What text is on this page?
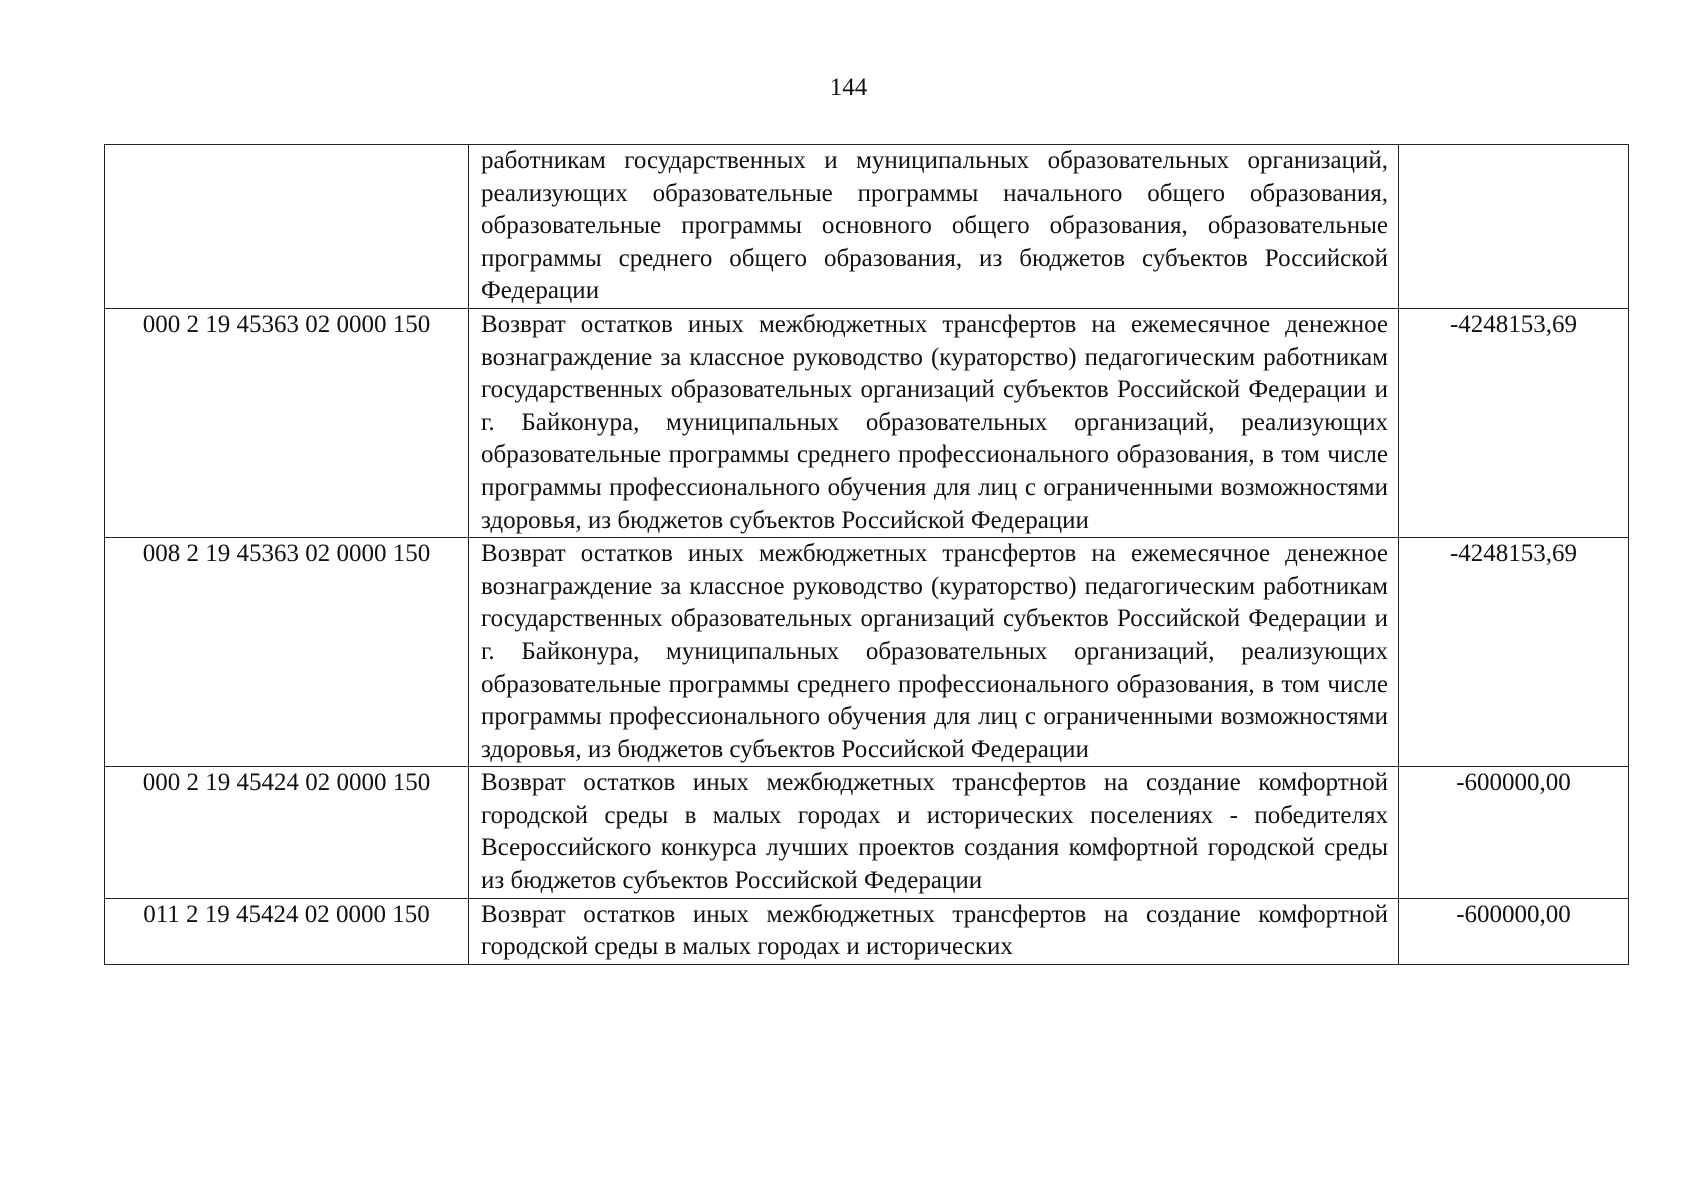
144
	работникам государственных и муниципальных образовательных организаций, реализующих образовательные программы начального общего образования, образовательные программы основного общего образования, образовательные программы среднего общего образования, из бюджетов субъектов Российской Федерации	
000 2 19 45363 02 0000 150	Возврат остатков иных межбюджетных трансфертов на ежемесячное денежное вознаграждение за классное руководство (кураторство) педагогическим работникам государственных образовательных организаций субъектов Российской Федерации и г. Байконура, муниципальных образовательных организаций, реализующих образовательные программы среднего профессионального образования, в том числе программы профессионального обучения для лиц с ограниченными возможностями здоровья, из бюджетов субъектов Российской Федерации	-4248153,69
008 2 19 45363 02 0000 150	Возврат остатков иных межбюджетных трансфертов на ежемесячное денежное вознаграждение за классное руководство (кураторство) педагогическим работникам государственных образовательных организаций субъектов Российской Федерации и г. Байконура, муниципальных образовательных организаций, реализующих образовательные программы среднего профессионального образования, в том числе программы профессионального обучения для лиц с ограниченными возможностями здоровья, из бюджетов субъектов Российской Федерации	-4248153,69
000 2 19 45424 02 0000 150	Возврат остатков иных межбюджетных трансфертов на создание комфортной городской среды в малых городах и исторических поселениях - победителях Всероссийского конкурса лучших проектов создания комфортной городской среды из бюджетов субъектов Российской Федерации	-600000,00
011 2 19 45424 02 0000 150	Возврат остатков иных межбюджетных трансфертов на создание комфортной городской среды в малых городах и исторических	-600000,00
